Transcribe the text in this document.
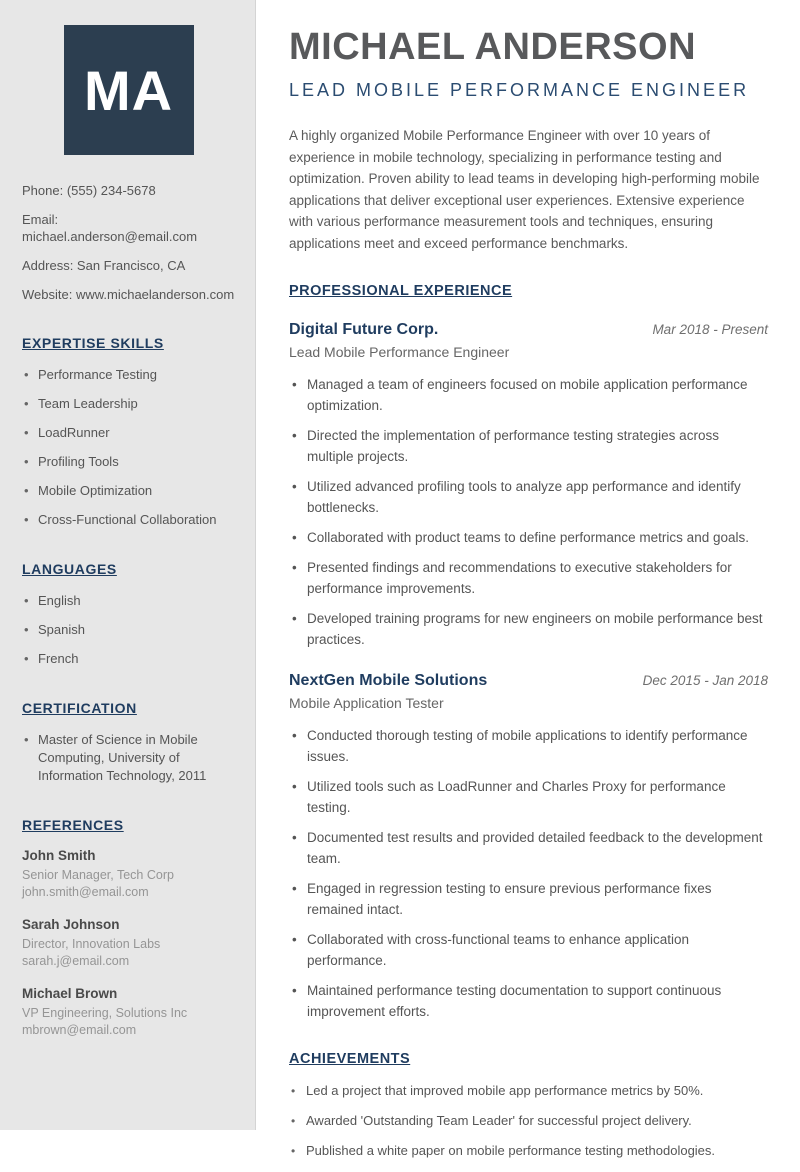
MA
Phone: (555) 234-5678
Email: michael.anderson@email.com
Address: San Francisco, CA
Website: www.michaelanderson.com
EXPERTISE SKILLS
• Performance Testing
• Team Leadership
• LoadRunner
• Profiling Tools
• Mobile Optimization
• Cross-Functional Collaboration
LANGUAGES
• English
• Spanish
• French
CERTIFICATION
• Master of Science in Mobile Computing, University of Information Technology, 2011
REFERENCES
John Smith
Senior Manager, Tech Corp
john.smith@email.com
Sarah Johnson
Director, Innovation Labs
sarah.j@email.com
Michael Brown
VP Engineering, Solutions Inc
mbrown@email.com
MICHAEL ANDERSON
LEAD MOBILE PERFORMANCE ENGINEER

A highly organized Mobile Performance Engineer with over 10 years of experience in mobile technology, specializing in performance testing and optimization. Proven ability to lead teams in developing high-performing mobile applications that deliver exceptional user experiences. Extensive experience with various performance measurement tools and techniques, ensuring applications meet and exceed performance benchmarks.

PROFESSIONAL EXPERIENCE
Digital Future Corp.	Mar 2018 - Present
Lead Mobile Performance Engineer
• Managed a team of engineers focused on mobile application performance optimization.
• Directed the implementation of performance testing strategies across multiple projects.
• Utilized advanced profiling tools to analyze app performance and identify bottlenecks.
• Collaborated with product teams to define performance metrics and goals.
• Presented findings and recommendations to executive stakeholders for performance improvements.
• Developed training programs for new engineers on mobile performance best practices.
NextGen Mobile Solutions	Dec 2015 - Jan 2018
Mobile Application Tester
• Conducted thorough testing of mobile applications to identify performance issues.
• Utilized tools such as LoadRunner and Charles Proxy for performance testing.
• Documented test results and provided detailed feedback to the development team.
• Engaged in regression testing to ensure previous performance fixes remained intact.
• Collaborated with cross-functional teams to enhance application performance.
• Maintained performance testing documentation to support continuous improvement efforts.
ACHIEVEMENTS
• Led a project that improved mobile app performance metrics by 50%.
• Awarded 'Outstanding Team Leader' for successful project delivery.
• Published a white paper on mobile performance testing methodologies.
